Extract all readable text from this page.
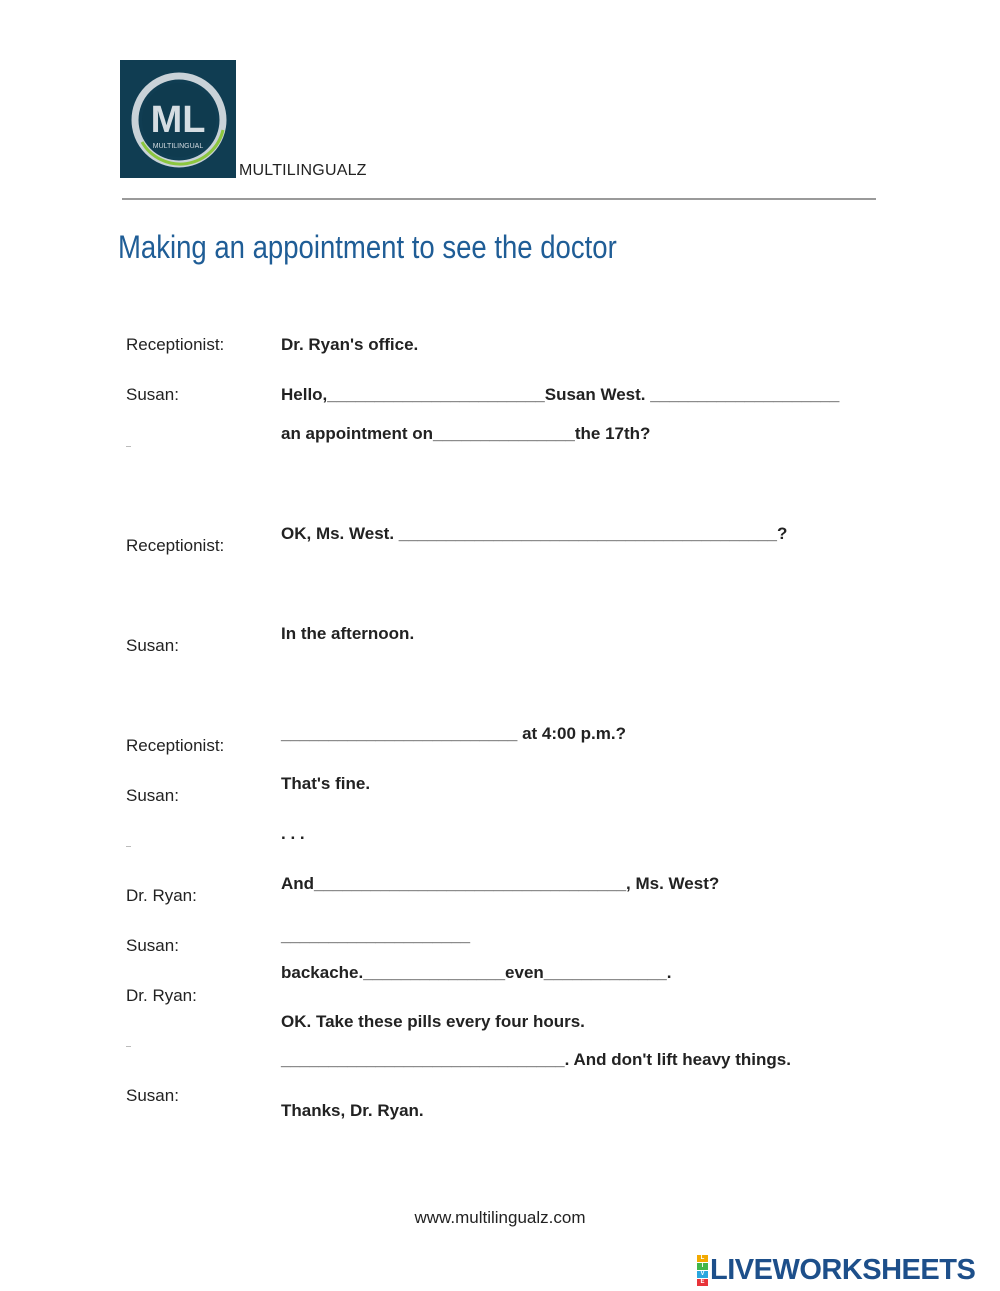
ML
MULTILINGUAL
MULTILINGUALZ
Making an appointment to see the doctor
Receptionist:
Susan:
Receptionist:
Susan:
Receptionist:
Susan:
Dr. Ryan:
Susan:
Dr. Ryan:
Susan:
Dr. Ryan's office.
Hello,_______________________Susan West. ____________________
an appointment on_______________the 17th?
OK, Ms. West. ________________________________________?
In the afternoon.
_________________________ at 4:00 p.m.?
That's fine.
. . .
And_________________________________, Ms. West?
____________________
backache._______________even_____________.
OK. Take these pills every four hours.
______________________________. And don't lift heavy things.
Thanks, Dr. Ryan.
www.multilingualz.com
L
I
V
E LIVEWORKSHEETS
